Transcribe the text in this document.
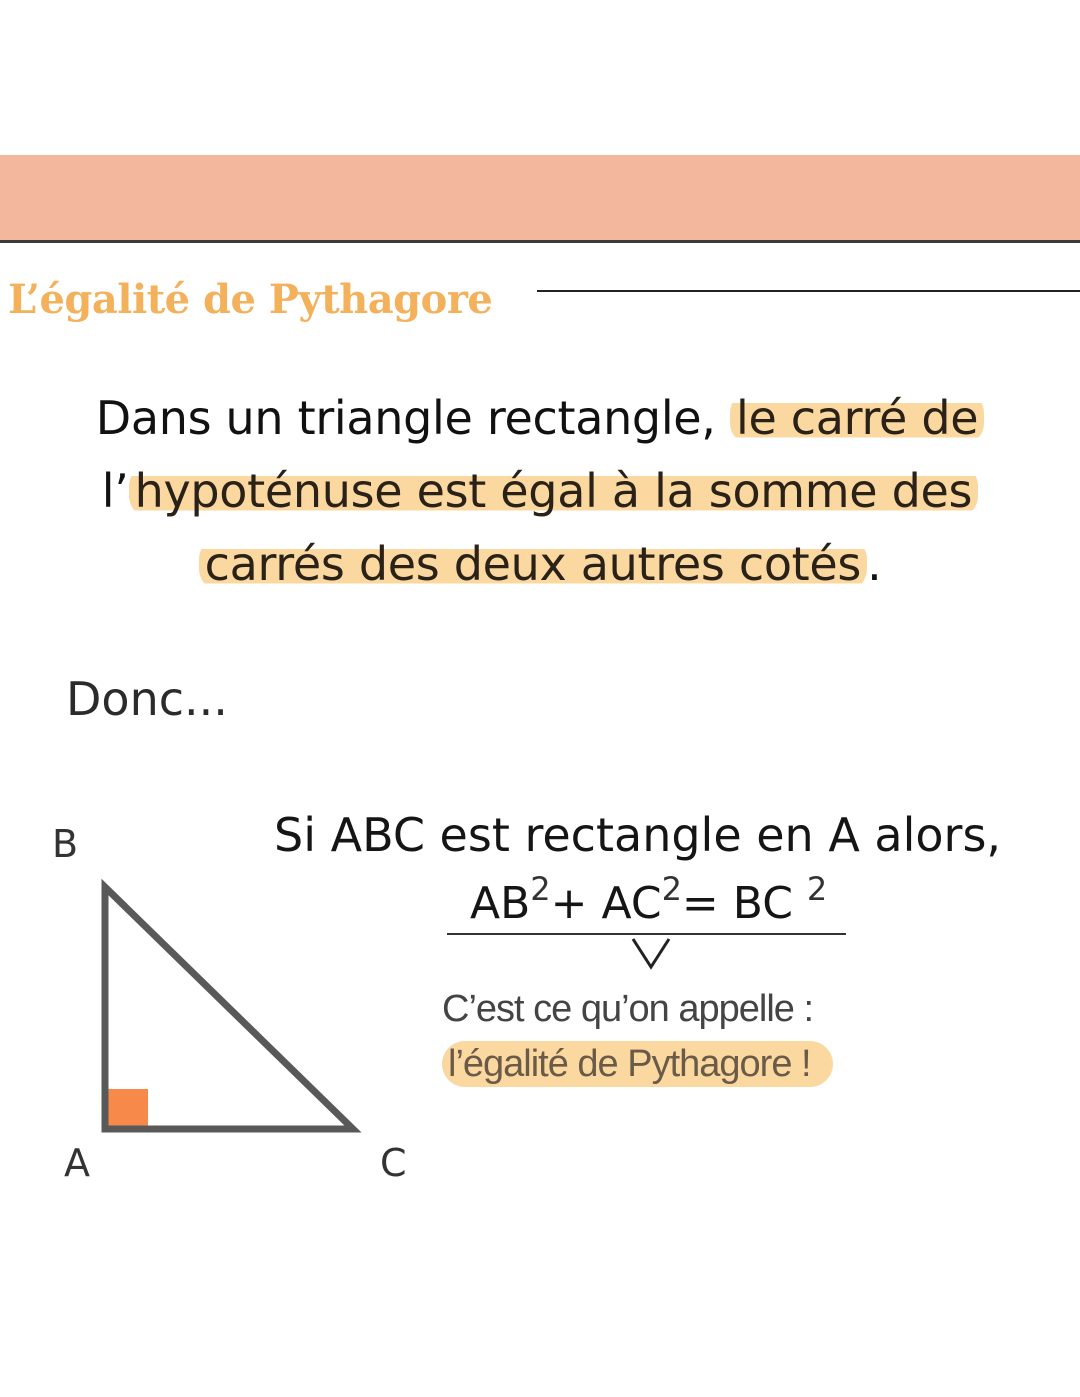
L’égalité de Pythagore
Dans un triangle rectangle, le carré de
l’ hypoténuse est égal à la somme des
carrés des deux autres cotés .
Donc...
B
A	C
Si ABC est rectangle en A alors,
$AB^2+ AC^2=$ BC $^2$
C’est ce qu’on appelle :
l’égalité de Pythagore !
